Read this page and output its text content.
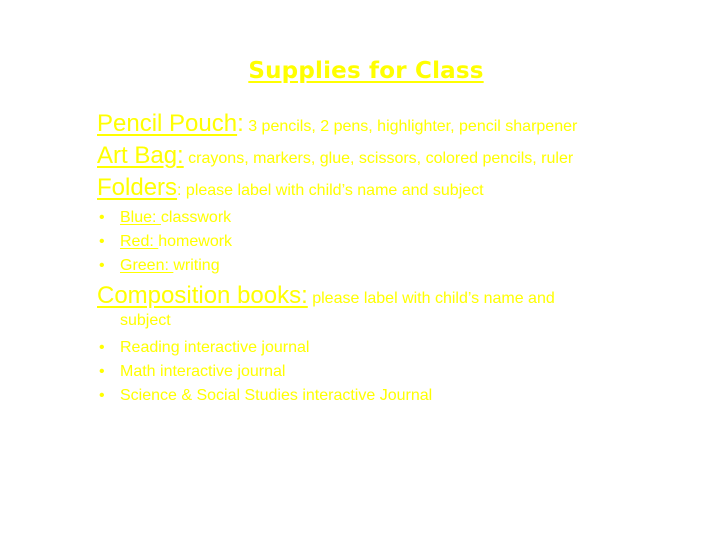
Supplies for Class
Pencil Pouch: 3 pencils, 2 pens, highlighter, pencil sharpener
Art Bag: crayons, markers, glue, scissors, colored pencils, ruler
Folders: please label with child’s name and subject
• Blue: classwork
• Red: homework
• Green: writing
Composition books: please label with child’s name and
subject
• Reading interactive journal
• Math interactive journal
• Science & Social Studies interactive Journal
